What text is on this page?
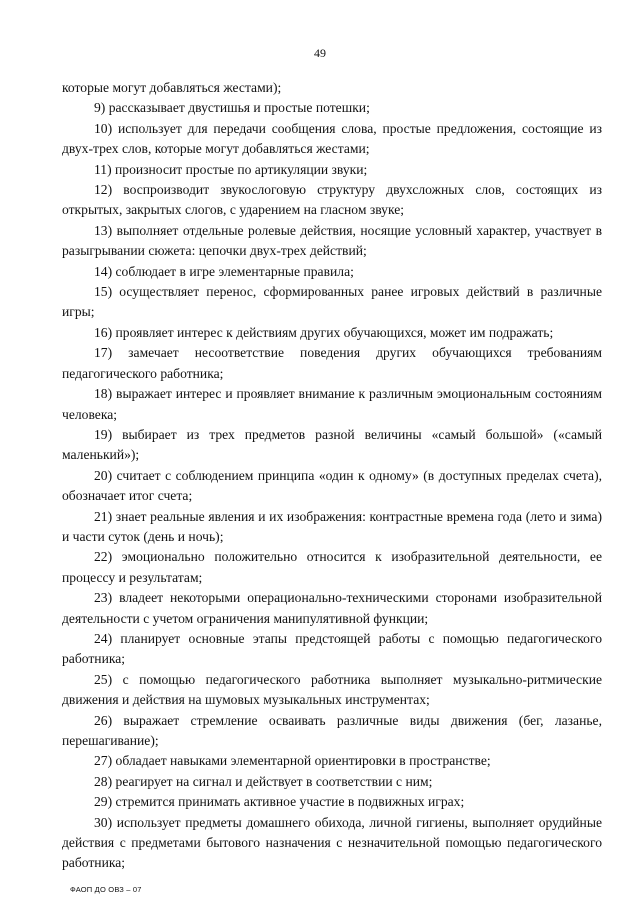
49

которые могут добавляться жестами);

9) рассказывает двустишья и простые потешки;

10) использует для передачи сообщения слова, простые предложения, состоящие из двух-трех слов, которые могут добавляться жестами;

11) произносит простые по артикуляции звуки;

12) воспроизводит звукослоговую структуру двухсложных слов, состоящих из открытых, закрытых слогов, с ударением на гласном звуке;

13) выполняет отдельные ролевые действия, носящие условный характер, участвует в разыгрывании сюжета: цепочки двух-трех действий;

14) соблюдает в игре элементарные правила;

15) осуществляет перенос, сформированных ранее игровых действий в различные игры;

16) проявляет интерес к действиям других обучающихся, может им подражать;

17) замечает несоответствие поведения других обучающихся требованиям педагогического работника;

18) выражает интерес и проявляет внимание к различным эмоциональным состояниям человека;

19) выбирает из трех предметов разной величины «самый большой» («самый маленький»);

20) считает с соблюдением принципа «один к одному» (в доступных пределах счета), обозначает итог счета;

21) знает реальные явления и их изображения: контрастные времена года (лето и зима) и части суток (день и ночь);

22) эмоционально положительно относится к изобразительной деятельности, ее процессу и результатам;

23) владеет некоторыми операционально-техническими сторонами изобразительной деятельности с учетом ограничения манипулятивной функции;

24) планирует основные этапы предстоящей работы с помощью педагогического работника;

25) с помощью педагогического работника выполняет музыкально-ритмические движения и действия на шумовых музыкальных инструментах;

26) выражает стремление осваивать различные виды движения (бег, лазанье, перешагивание);

27) обладает навыками элементарной ориентировки в пространстве;

28) реагирует на сигнал и действует в соответствии с ним;

29) стремится принимать активное участие в подвижных играх;

30) использует предметы домашнего обихода, личной гигиены, выполняет орудийные действия с предметами бытового назначения с незначительной помощью педагогического работника;

ФАОП ДО ОВЗ – 07
